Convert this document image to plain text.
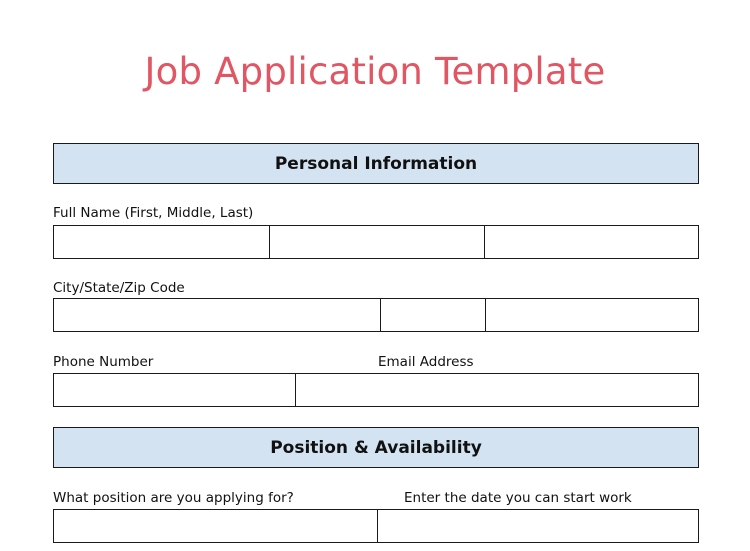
Job Application Template
Personal Information
Full Name (First, Middle, Last)
City/State/Zip Code
Phone Number	Email Address
Position & Availability
What position are you applying for?	Enter the date you can start work
